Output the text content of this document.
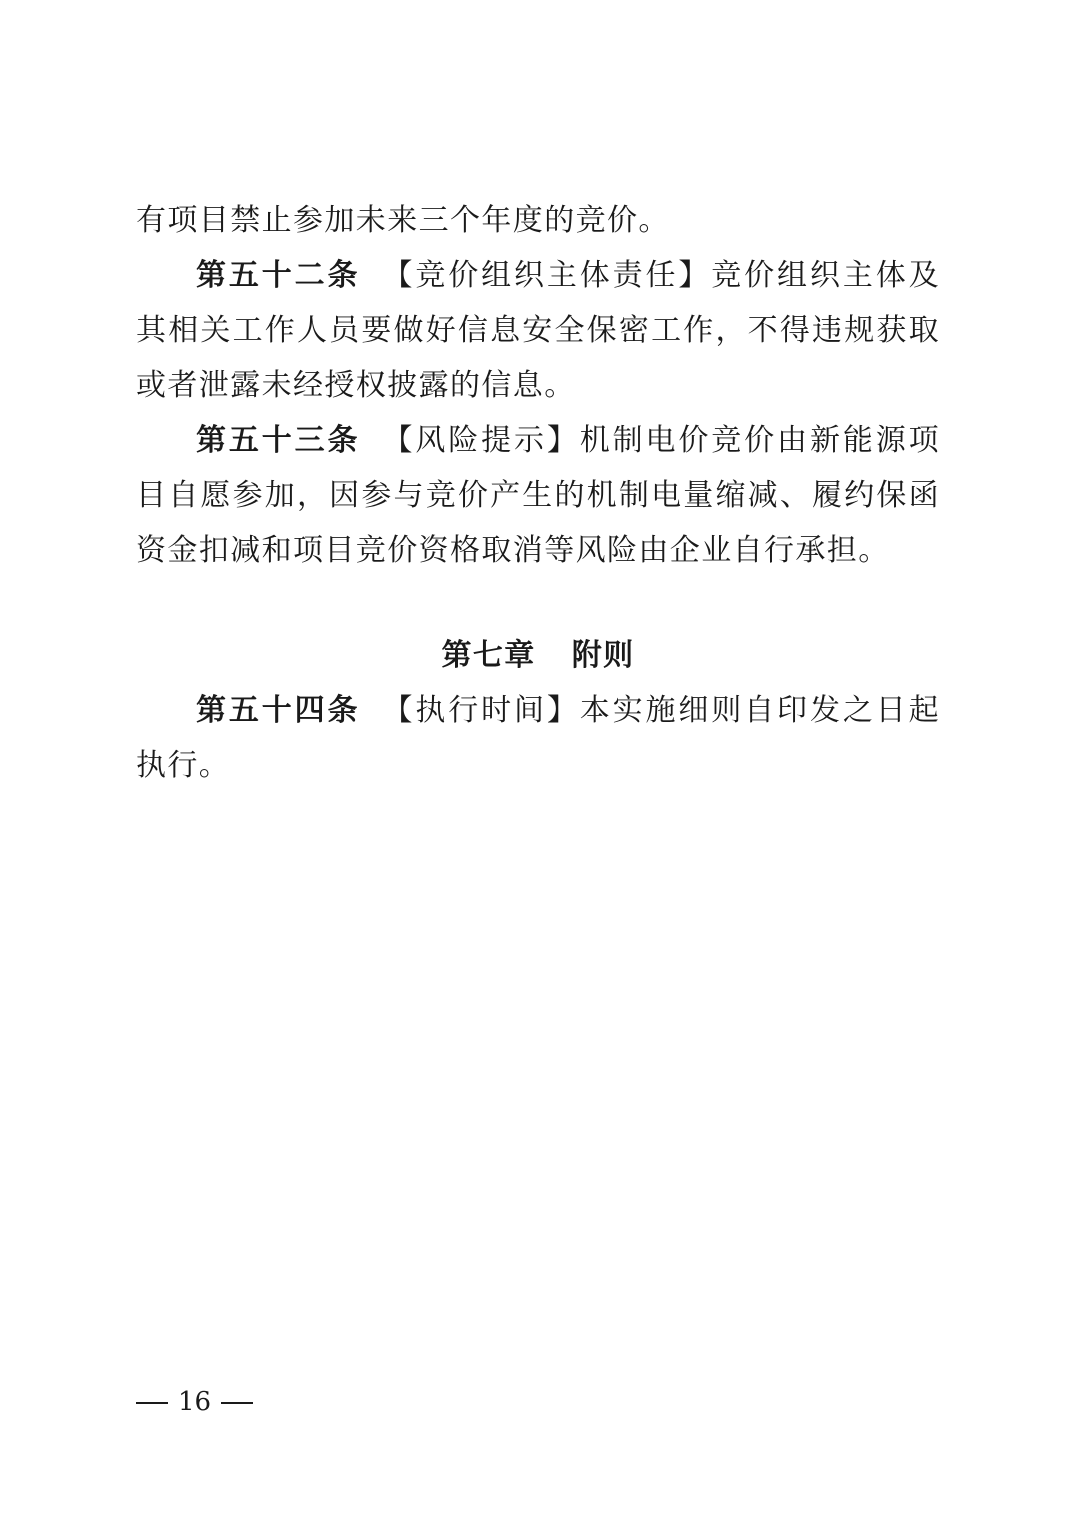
有项目禁止参加未来三个年度的竞价。

第五十二条 【竞价组织主体责任】竞价组织主体及其相关工作人员要做好信息安全保密工作，不得违规获取或者泄露未经授权披露的信息。

第五十三条 【风险提示】机制电价竞价由新能源项目自愿参加，因参与竞价产生的机制电量缩减、履约保函资金扣减和项目竞价资格取消等风险由企业自行承担。

第七章 附则

第五十四条 【执行时间】本实施细则自印发之日起执行。

16
